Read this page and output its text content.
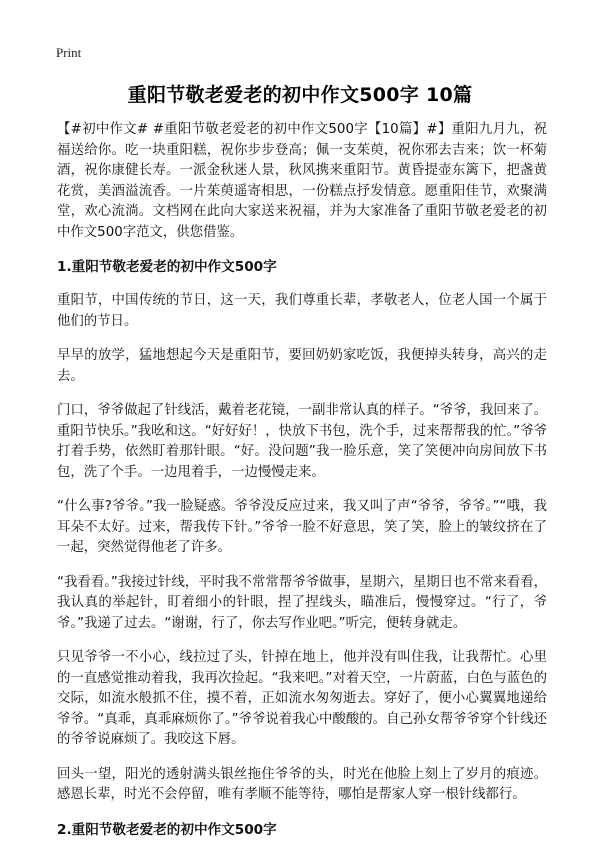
Print
重阳节敬老爱老的初中作文500字 10篇

【#初中作文# #重阳节敬老爱老的初中作文500字【10篇】#】重阳九月九，祝福送给你。吃一块重阳糕，祝你步步登高；佩一支茱萸，祝你邪去吉来；饮一杯菊酒，祝你康健长寿。一派金秋迷人景，秋风携来重阳节。黄昏提壶东篱下，把盏黄花赏，美酒溢流香。一片茱萸遥寄相思，一份糕点抒发情意。愿重阳佳节，欢聚满堂，欢心流淌。文档网在此向大家送来祝福，并为大家准备了重阳节敬老爱老的初中作文500字范文，供您借鉴。

1.重阳节敬老爱老的初中作文500字

重阳节，中国传统的节日，这一天，我们尊重长辈，孝敬老人，位老人国一个属于他们的节日。

早早的放学，猛地想起今天是重阳节，要回奶奶家吃饭，我便掉头转身，高兴的走去。

门口，爷爷做起了针线活，戴着老花镜，一副非常认真的样子。“爷爷，我回来了。重阳节快乐。”我吆和这。“好好好！，快放下书包，洗个手，过来帮帮我的忙。”爷爷打着手势，依然盯着那针眼。“好。没问题”我一脸乐意，笑了笑便冲向房间放下书包，洗了个手。一边甩着手，一边慢慢走来。

“什么事?爷爷。”我一脸疑惑。爷爷没反应过来，我又叫了声“爷爷，爷爷。”“哦，我耳朵不太好。过来，帮我传下针。”爷爷一脸不好意思，笑了笑，脸上的皱纹挤在了一起，突然觉得他老了许多。

“我看看。”我接过针线，平时我不常常帮爷爷做事，星期六，星期日也不常来看看，我认真的举起针，盯着细小的针眼，捏了捏线头，瞄准后，慢慢穿过。“行了，爷爷。”我递了过去。“谢谢，行了，你去写作业吧。”听完，便转身就走。

只见爷爷一不小心，线拉过了头，针掉在地上，他并没有叫住我，让我帮忙。心里的一直感觉推动着我，我再次捡起。“我来吧。”对着天空，一片蔚蓝，白色与蓝色的交际，如流水般抓不住，摸不着，正如流水匆匆逝去。穿好了，便小心翼翼地递给爷爷。“真乖，真乖麻烦你了。”爷爷说着我心中酸酸的。自己孙女帮爷爷穿个针线还的爷爷说麻烦了。我咬这下唇。

回头一望，阳光的透射满头银丝拖住爷爷的头，时光在他脸上刻上了岁月的痕迹。感恩长辈，时光不会停留，唯有孝顺不能等待，哪怕是帮家人穿一根针线都行。

2.重阳节敬老爱老的初中作文500字
